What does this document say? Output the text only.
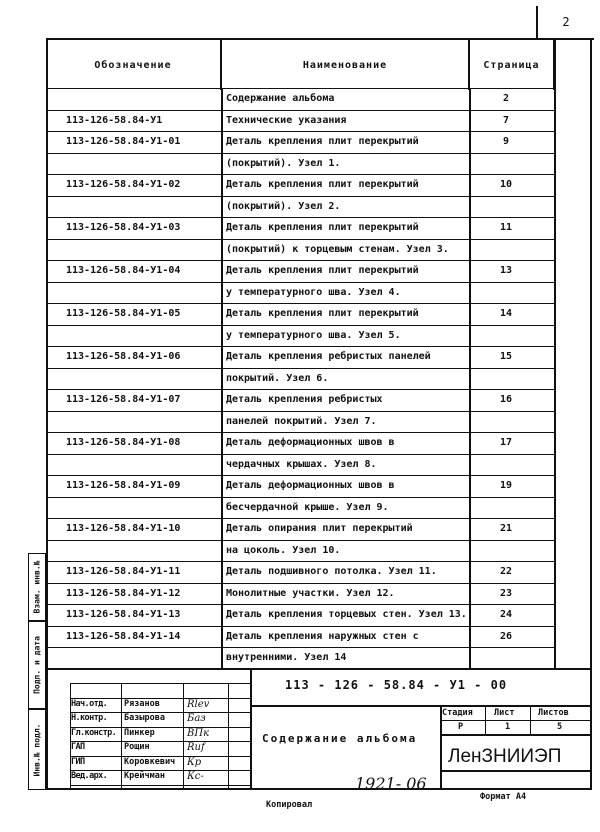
2
Обозначение	Наименование	Страница
Содержание альбома	2
113-126-58.84-У1	Технические указания	7
113-126-58.84-У1-01	Деталь крепления плит перекрытий	9
(покрытий). Узел 1.
113-126-58.84-У1-02	Деталь крепления плит перекрытий	10
(покрытий). Узел 2.
113-126-58.84-У1-03	Деталь крепления плит перекрытий	11
(покрытий) к торцевым стенам. Узел 3.
113-126-58.84-У1-04	Деталь крепления плит перекрытий	13
у температурного шва. Узел 4.
113-126-58.84-У1-05	Деталь крепления плит перекрытий	14
у температурного шва. Узел 5.
113-126-58.84-У1-06	Деталь крепления ребристых панелей	15
покрытий. Узел 6.
113-126-58.84-У1-07	Деталь крепления ребристых	16
панелей покрытий. Узел 7.
113-126-58.84-У1-08	Деталь деформационных швов в	17
чердачных крышах. Узел 8.
113-126-58.84-У1-09	Деталь деформационных швов в	19
бесчердачной крыше. Узел 9.
113-126-58.84-У1-10	Деталь опирания плит перекрытий	21
на цоколь. Узел 10.
113-126-58.84-У1-11	Деталь подшивного потолка. Узел 11.	22
113-126-58.84-У1-12	Монолитные участки. Узел 12.	23
113-126-58.84-У1-13	Деталь крепления торцевых стен. Узел 13.	24
113-126-58.84-У1-14	Деталь крепления наружных стен с	26
внутренними. Узел 14
Взам. инв.№
Подп. и дата
Инв.№ подл.
Нач.отд. Рязанов	Rlev
Н.контр. Базырова Бaз
Гл.констр. Пинкер	ВПк
ГАП	Рощин	Ruf
ГИП	Коровкевич Кр
Вед.арх. Крейчман Кс-
113 - 126 - 58.84 - У1 - 00
Содержание альбома
Стадия	Лист	Листов
Р	1	5
ЛенЗНИИЭП
1921- 06
Копировал
Формат А4
